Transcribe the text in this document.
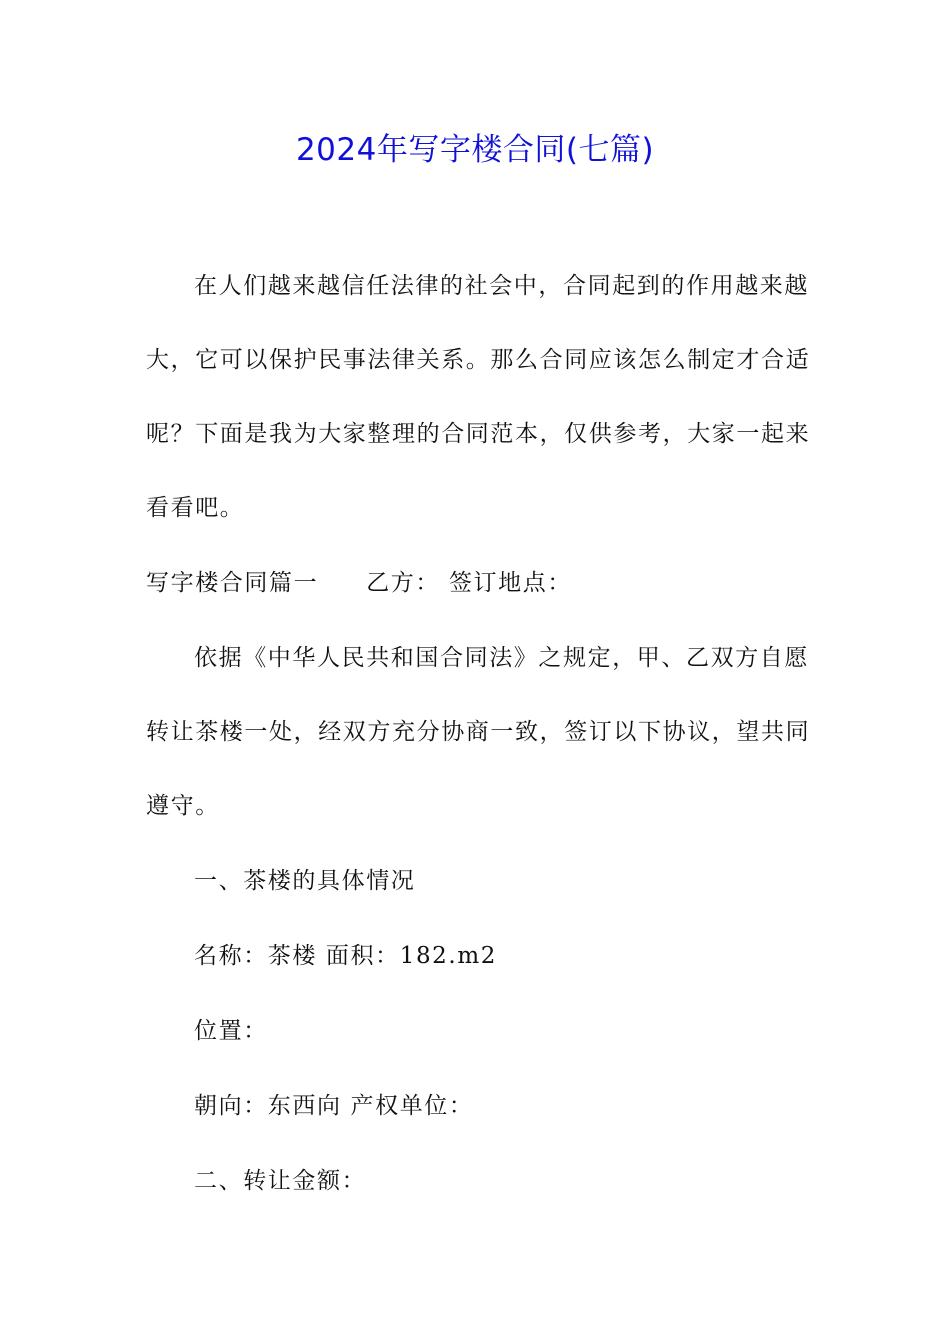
2024年写字楼合同(七篇)
在人们越来越信任法律的社会中，合同起到的作用越来越
大，它可以保护民事法律关系。那么合同应该怎么制定才合适
呢？下面是我为大家整理的合同范本，仅供参考，大家一起来
看看吧。
写字楼合同篇一 乙方： 签订地点：
依据《中华人民共和国合同法》之规定，甲、乙双方自愿
转让茶楼一处，经双方充分协商一致，签订以下协议，望共同
遵守。
一、茶楼的具体情况
名称：茶楼 面积：182.m2
位置：
朝向：东西向 产权单位：
二、转让金额：
